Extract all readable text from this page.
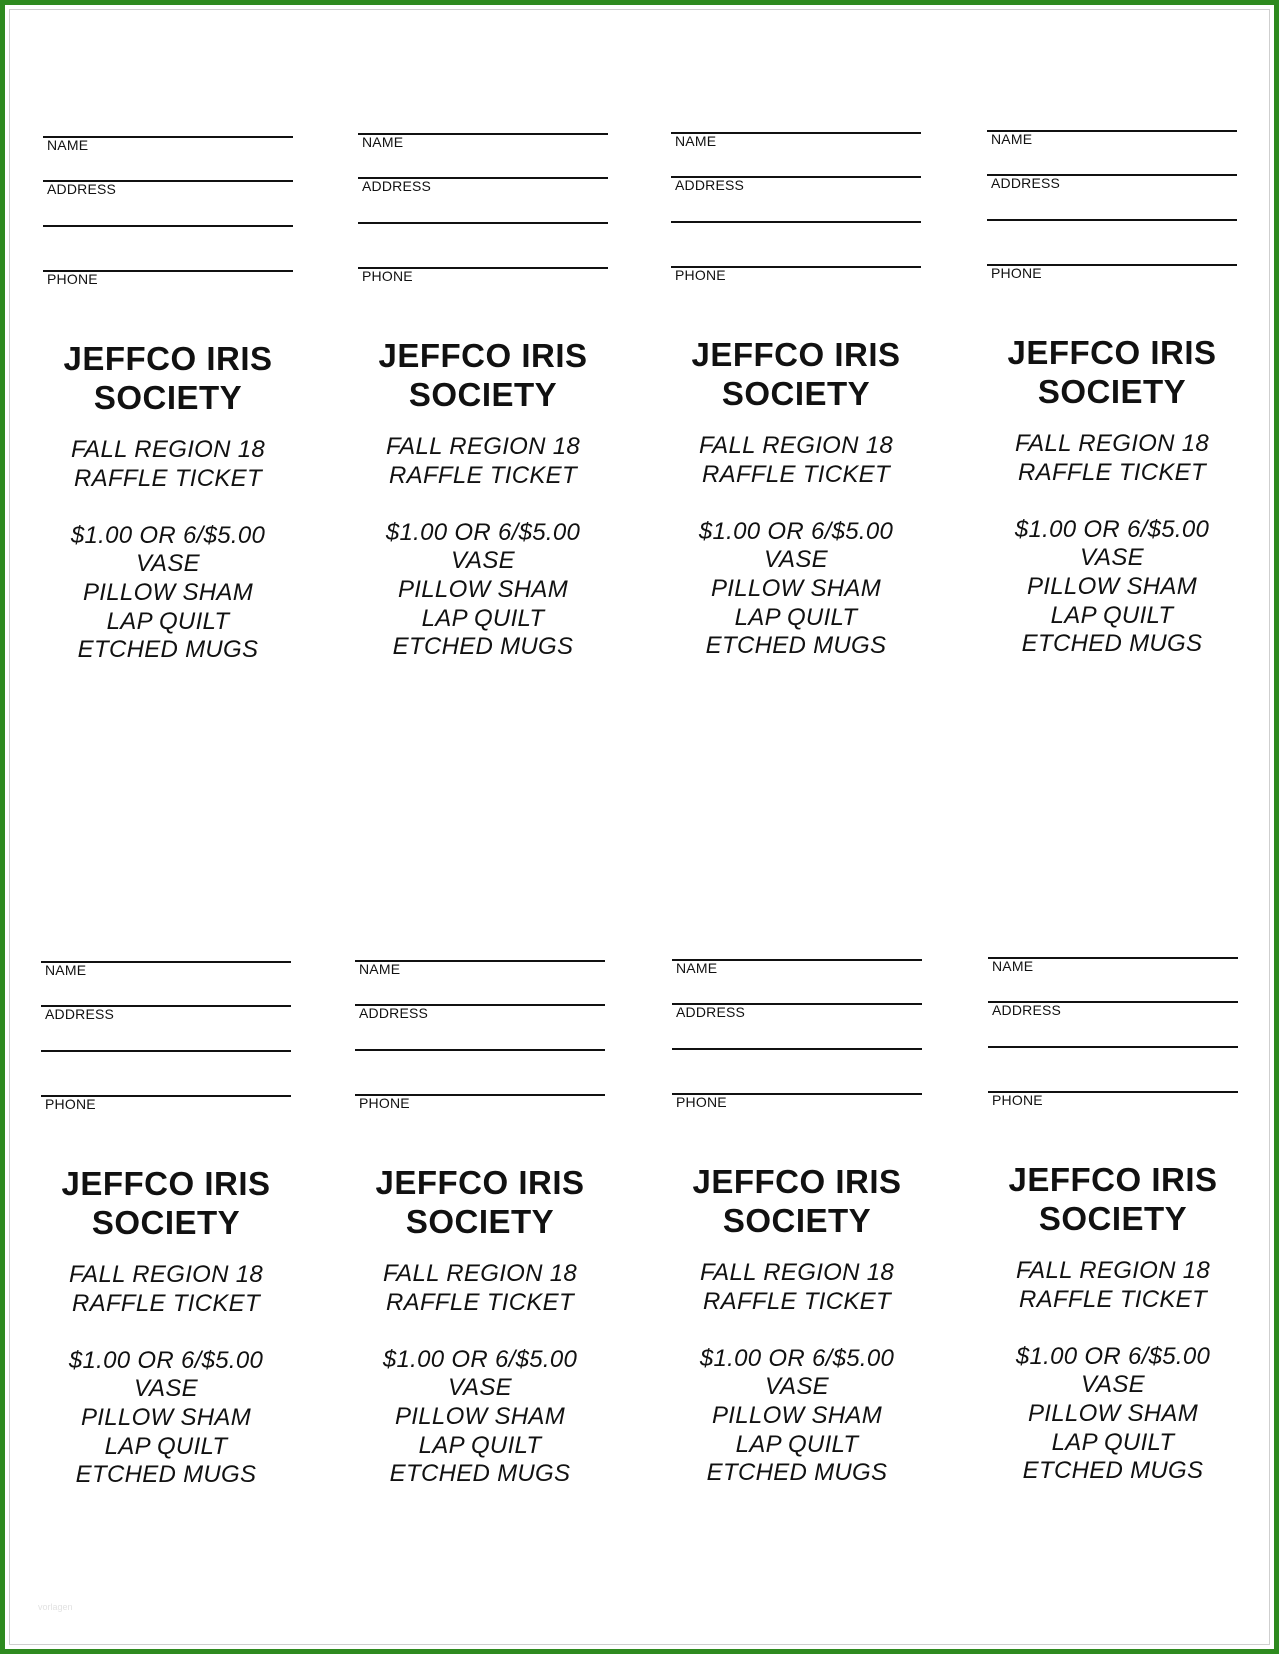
NAME
ADDRESS
PHONE
JEFFCO IRIS
SOCIETY
FALL REGION 18
RAFFLE TICKET
$1.00 OR 6/$5.00
VASE
PILLOW SHAM
LAP QUILT
ETCHED MUGS
NAME
ADDRESS
PHONE
JEFFCO IRIS
SOCIETY
FALL REGION 18
RAFFLE TICKET
$1.00 OR 6/$5.00
VASE
PILLOW SHAM
LAP QUILT
ETCHED MUGS
NAME
ADDRESS
PHONE
JEFFCO IRIS
SOCIETY
FALL REGION 18
RAFFLE TICKET
$1.00 OR 6/$5.00
VASE
PILLOW SHAM
LAP QUILT
ETCHED MUGS
NAME
ADDRESS
PHONE
JEFFCO IRIS
SOCIETY
FALL REGION 18
RAFFLE TICKET
$1.00 OR 6/$5.00
VASE
PILLOW SHAM
LAP QUILT
ETCHED MUGS
NAME
ADDRESS
PHONE
JEFFCO IRIS
SOCIETY
FALL REGION 18
RAFFLE TICKET
$1.00 OR 6/$5.00
VASE
PILLOW SHAM
LAP QUILT
ETCHED MUGS
NAME
ADDRESS
PHONE
JEFFCO IRIS
SOCIETY
FALL REGION 18
RAFFLE TICKET
$1.00 OR 6/$5.00
VASE
PILLOW SHAM
LAP QUILT
ETCHED MUGS
NAME
ADDRESS
PHONE
JEFFCO IRIS
SOCIETY
FALL REGION 18
RAFFLE TICKET
$1.00 OR 6/$5.00
VASE
PILLOW SHAM
LAP QUILT
ETCHED MUGS
NAME
ADDRESS
PHONE
JEFFCO IRIS
SOCIETY
FALL REGION 18
RAFFLE TICKET
$1.00 OR 6/$5.00
VASE
PILLOW SHAM
LAP QUILT
ETCHED MUGS
vorlagen
